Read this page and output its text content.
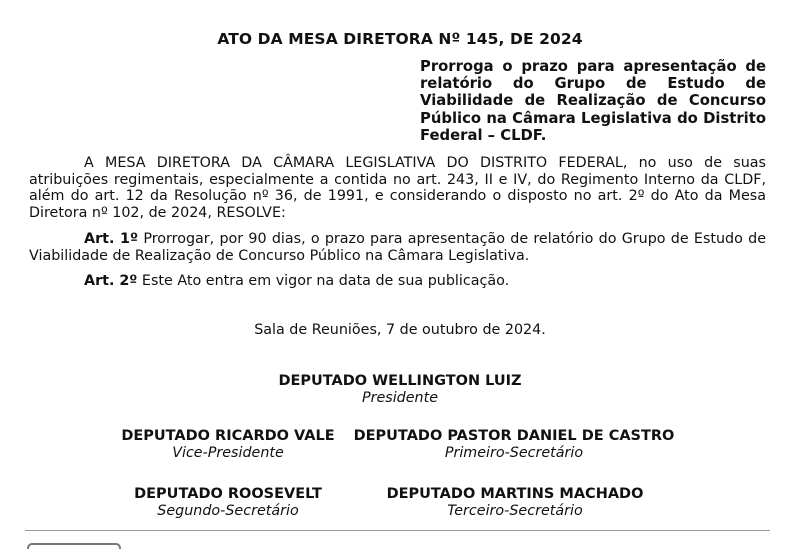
ATO DA MESA DIRETORA Nº 145, DE 2024
Prorroga o prazo para apresentação de relatório do Grupo de Estudo de Viabilidade de Realização de Concurso Público na Câmara Legislativa do Distrito Federal – CLDF.
A MESA DIRETORA DA CÂMARA LEGISLATIVA DO DISTRITO FEDERAL, no uso de suas atribuições regimentais, especialmente a contida no art. 243, II e IV, do Regimento Interno da CLDF, além do art. 12 da Resolução nº 36, de 1991, e considerando o disposto no art. 2º do Ato da Mesa Diretora nº 102, de 2024, RESOLVE:
Art. 1º Prorrogar, por 90 dias, o prazo para apresentação de relatório do Grupo de Estudo de Viabilidade de Realização de Concurso Público na Câmara Legislativa.
Art. 2º Este Ato entra em vigor na data de sua publicação.
Sala de Reuniões, 7 de outubro de 2024.
DEPUTADO WELLINGTON LUIZ
Presidente
DEPUTADO RICARDO VALE
Vice-Presidente
DEPUTADO PASTOR DANIEL DE CASTRO
Primeiro-Secretário
DEPUTADO ROOSEVELT
Segundo-Secretário
DEPUTADO MARTINS MACHADO
Terceiro-Secretário
